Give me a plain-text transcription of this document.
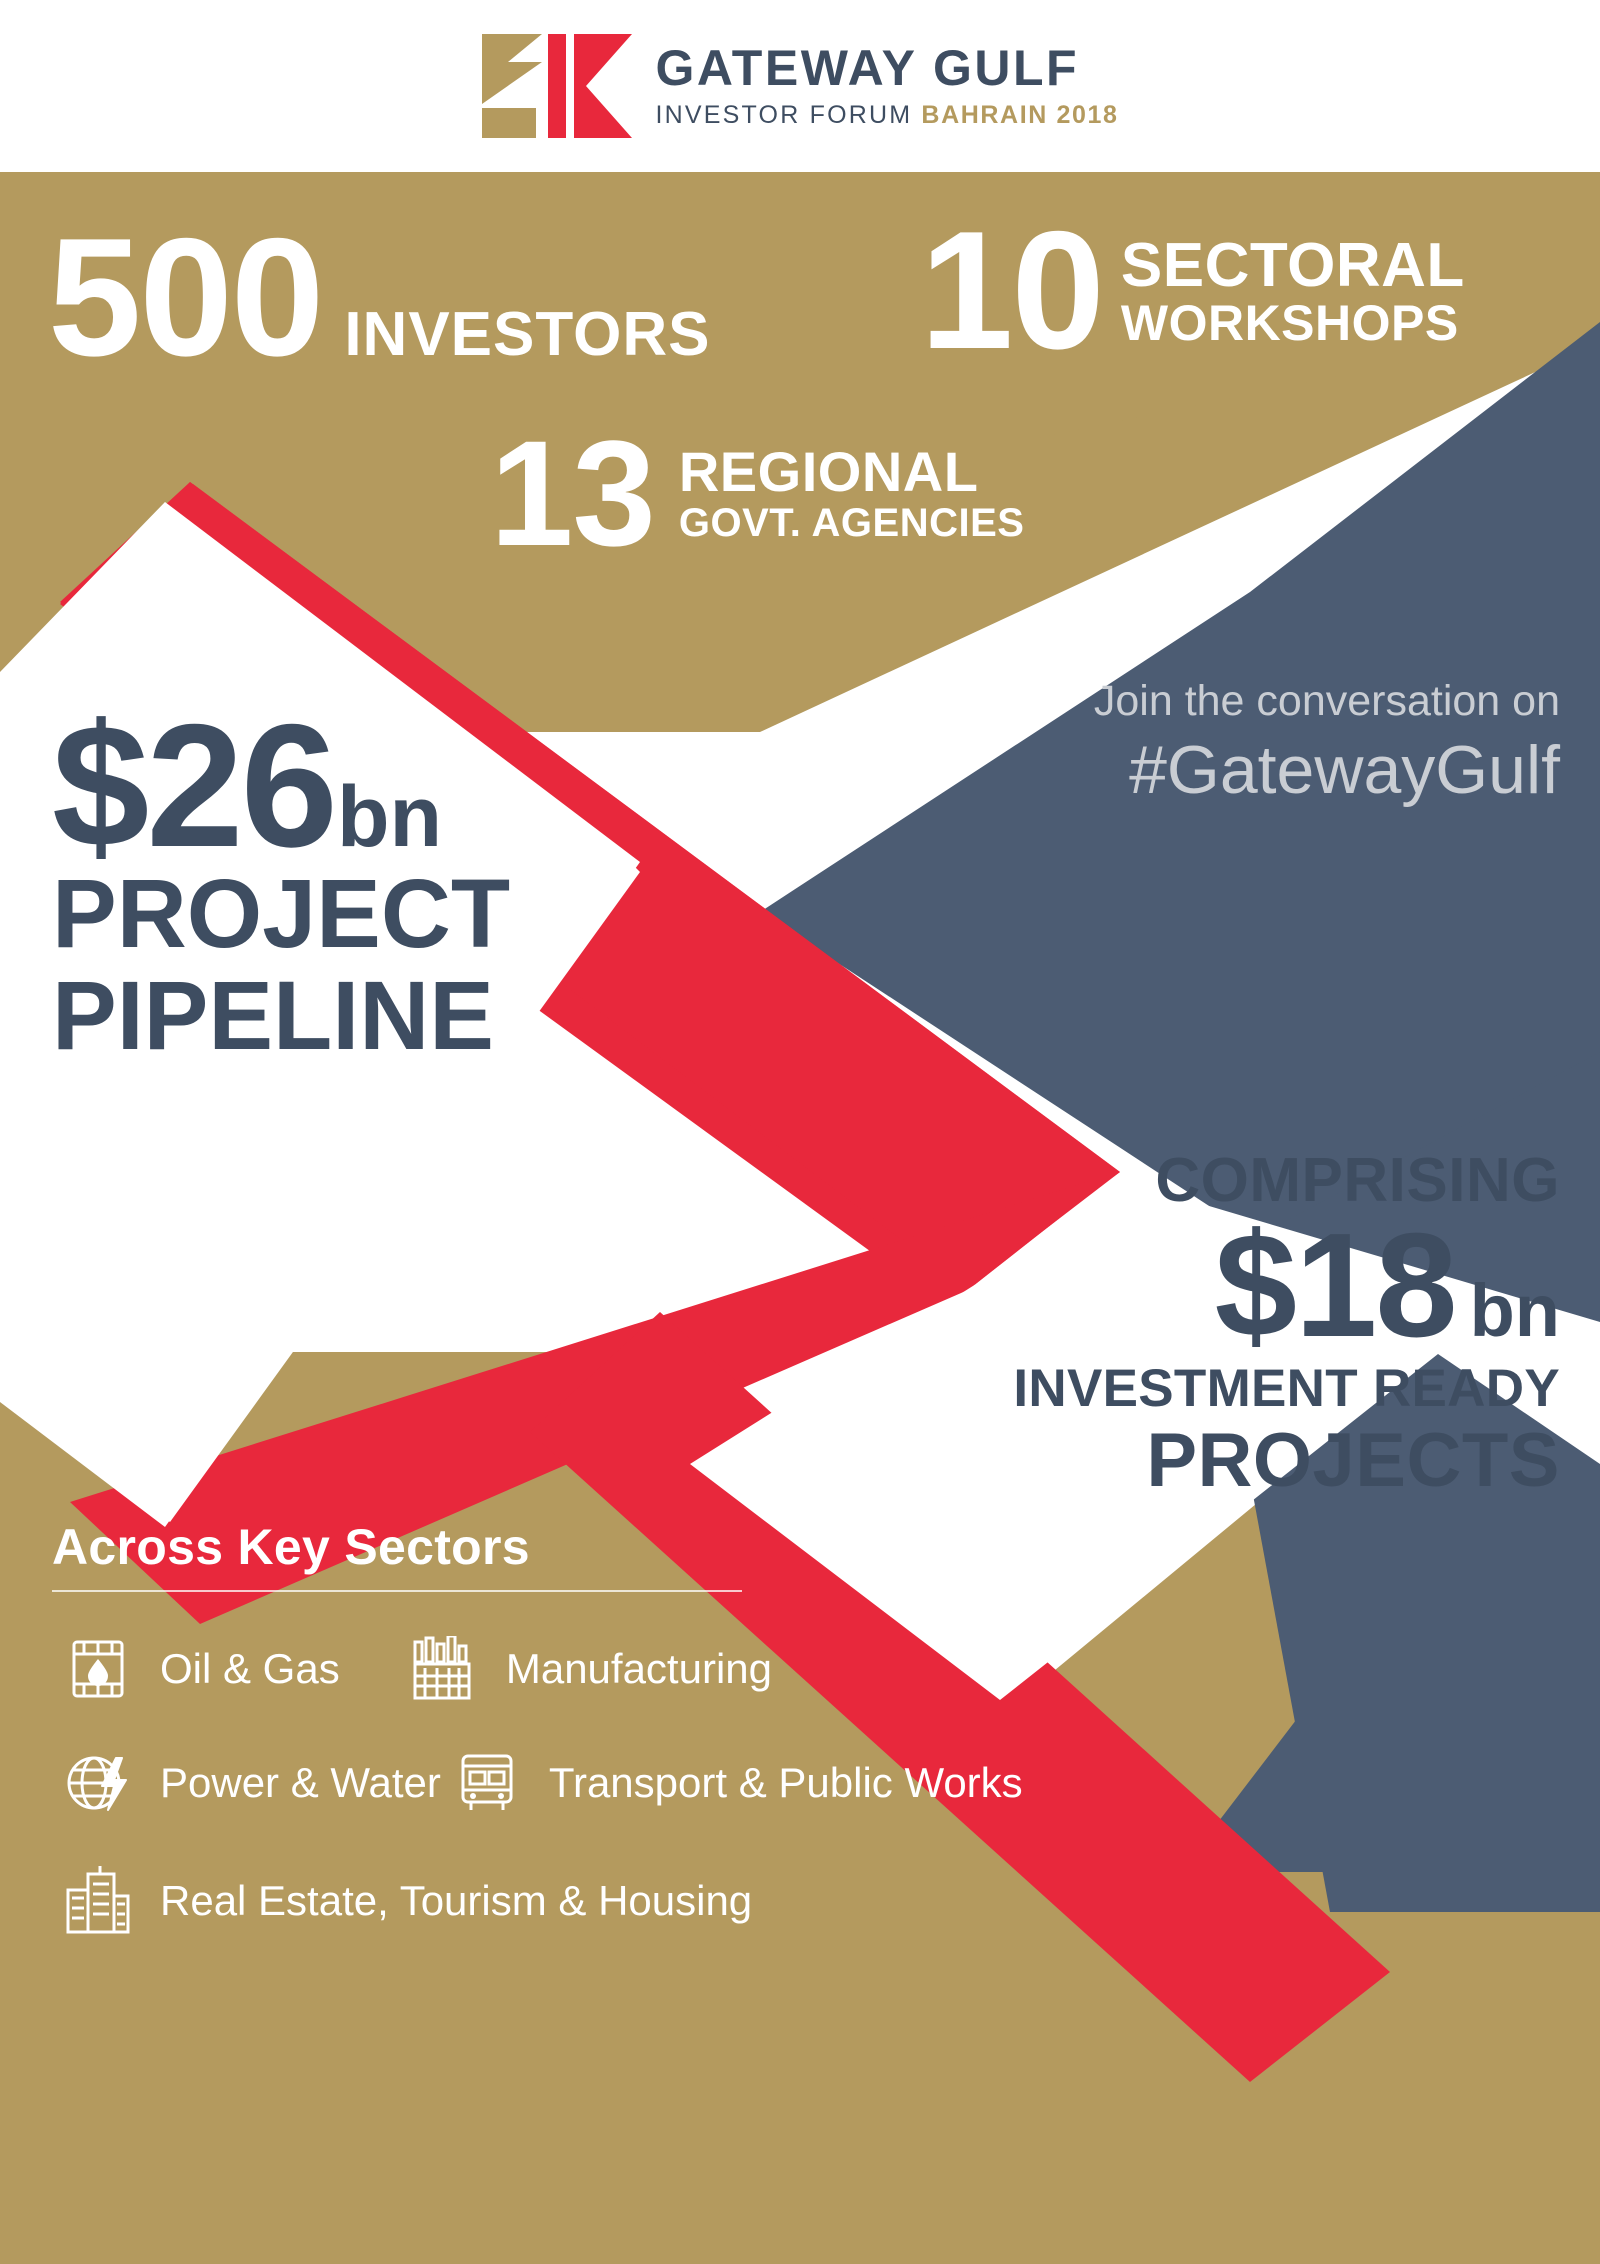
GATEWAY GULF
INVESTOR FORUM BAHRAIN 2018
500 INVESTORS 10 SECTORAL
WORKSHOPS
13 REGIONAL
GOVT. AGENCIES
$ 26 bn
PROJECT
PIPELINE
Join the conversation on
#GatewayGulf
COMPRISING
$ 18 bn
INVESTMENT READY
PROJECTS
Across Key Sectors
Oil & Gas	Manufacturing
Power & Water	Transport & Public Works
Real Estate, Tourism & Housing
